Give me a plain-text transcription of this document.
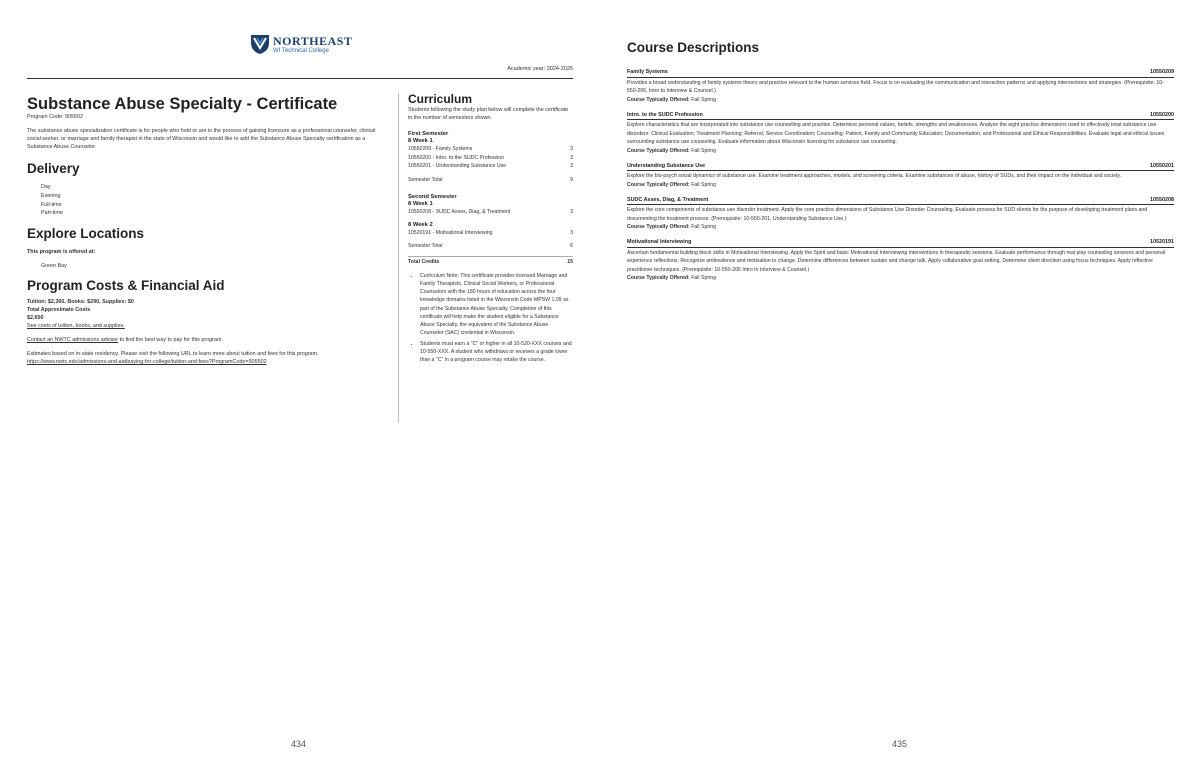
NORTHEAST
WI Technical College
Academic year: 2024-2025
Substance Abuse Specialty - Certificate
Program Code: 905502
The substance abuse specialization certificate is for people who hold or are in the process of gaining licensure as a professional counselor, clinical social worker, or marriage and family therapist in the state of Wisconsin and would like to add the Substance Abuse Specialty certification as a Substance Abuse Counselor.
Delivery
Day
Evening
Full-time
Part-time
Explore Locations
This program is offered at:
Green Bay
Program Costs & Financial Aid
Tuition: $2,360, Books: $290, Supplies: $0
Total Approximate Costs
$2,650
See costs of tuition, books, and supplies.
Contact an NWTC admissions advisor to find the best way to pay for this program.
Estimates based on in-state residency. Please visit the following URL to learn more about tuition and fees for this program.
https://www.nwtc.edu/admissions-and-aid/paying-for-college/tuition-and-fees?ProgramCode=905502
Curriculum
Students following the study plan below will complete the certificate in the number of semesters shown.
First Semester
8 Week 1
10550209 - Family Systems	3
10550200 - Intro. to the SUDC Profession	3
10550201 - Understanding Substance Use	3
Semester Total	9
Second Semester
8 Week 1
10550208 - SUDC Asses, Diag, & Treatment	3
8 Week 2
10520191 - Motivational Interviewing	3
Semester Total	6
Total Credits	15
• Curriculum Note: This certificate provides licensed Marriage and Family Therapists, Clinical Social Workers, or Professional Counselors with the 180 hours of education across the four knowledge domains listed in the Wisconsin Code MPSW 1.09 as part of the Substance Abuse Specialty. Completion of this certificate will help make the student eligible for a Substance Abuse Specialty, the equivalent of the Substance Abuse Counselor (SAC) credential in Wisconsin.
• Students must earn a "C" or higher in all 10-520-XXX courses and 10-550-XXX. A student who withdraws or receives a grade lower than a "C" in a program course may retake the course.
434
Course Descriptions
Family Systems	10550209
Provides a broad understanding of family systems theory and practice relevant to the human services field. Focus is on evaluating the communication and interaction patterns and applying interventions and strategies. (Prerequisite: 10-550-206, Intro to Interview & Counsel.)
Course Typically Offered: Fall Spring
Intro. to the SUDC Profession	10550200
Explore characteristics that are incorporated into substance use counselling and practice. Determine personal values, beliefs, strengths and weaknesses. Analyze the eight practice dimensions used to effectively treat substance use disorders: Clinical Evaluation; Treatment Planning; Referral; Service Coordination; Counseling; Patient, Family and Community Education; Documentation; and Professional and Ethical Responsibilities. Evaluate legal and ethical issues surrounding substance use counseling. Evaluate information about Wisconsin licensing for substance use counseling.
Course Typically Offered: Fall Spring
Understanding Substance Use	10550201
Explore the bio-psych social dynamics of substance use. Examine treatment approaches, models, and screening criteria. Examine substances of abuse, history of SUDs, and their impact on the individual and society.
Course Typically Offered: Fall Spring
SUDC Asses, Diag, & Treatment	10550208
Explore the core components of substance use disorder treatment. Apply the core practice dimensions of Substance Use Disorder Counseling. Evaluate process for SUD clients for the purpose of developing treatment plans and documenting the treatment process. (Prerequisite: 10-550-201, Understanding Substance Use.)
Course Typically Offered: Fall Spring
Motivational Interviewing	10520191
Ascertain fundamental building block skills in Motivational Interviewing. Apply the Spirit and basic Motivational Interviewing interventions in therapeutic sessions. Evaluate performance through real play counseling sessions and personal experience reflections. Recognize ambivalence and motivation to change. Determine differences between sustain and change talk. Apply collaborative goal setting. Determine client direction using focus techniques. Apply reflective practitioner techniques. (Prerequisite: 10-550-206 Intro to Interview & Counsel.)
Course Typically Offered: Fall Spring
435
